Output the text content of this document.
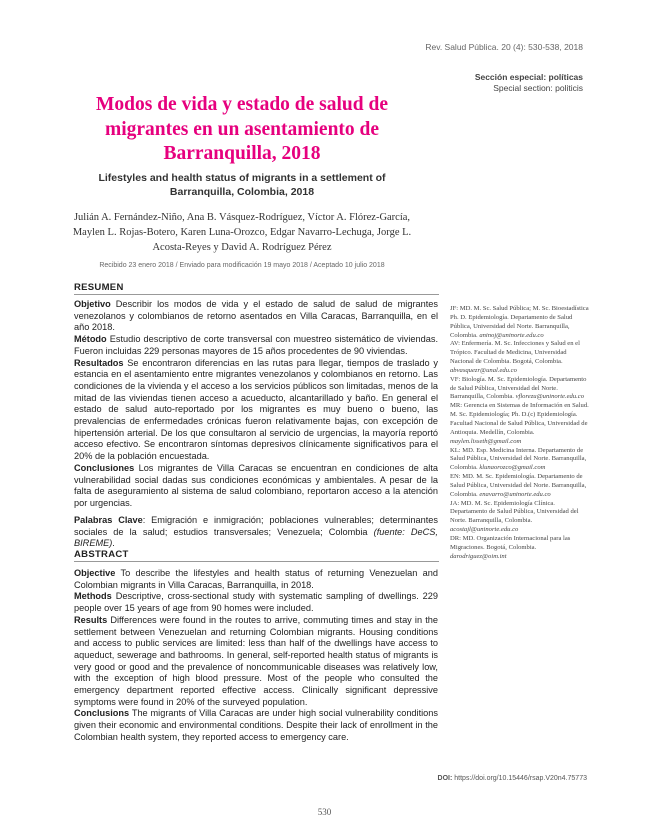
Rev. Salud Pública. 20 (4): 530-538, 2018
Sección especial: políticas
Special section: politicis
Modos de vida y estado de salud de migrantes en un asentamiento de Barranquilla, 2018
Lifestyles and health status of migrants in a settlement of Barranquilla, Colombia, 2018
Julián A. Fernández-Niño, Ana B. Vásquez-Rodríguez, Víctor A. Flórez-García, Maylen L. Rojas-Botero, Karen Luna-Orozco, Edgar Navarro-Lechuga, Jorge L. Acosta-Reyes y David A. Rodríguez Pérez
Recibido 23 enero 2018 / Enviado para modificación 19 mayo 2018 / Aceptado 10 julio 2018
RESUMEN

Objetivo Describir los modos de vida y el estado de salud de salud de migrantes venezolanos y colombianos de retorno asentados en Villa Caracas, Barranquilla, en el año 2018.

Método Estudio descriptivo de corte transversal con muestreo sistemático de viviendas. Fueron incluidas 229 personas mayores de 15 años procedentes de 90 viviendas.

Resultados Se encontraron diferencias en las rutas para llegar, tiempos de traslado y estancia en el asentamiento entre migrantes venezolanos y colombianos en retorno. Las condiciones de la vivienda y el acceso a los servicios públicos son limitadas, menos de la mitad de las viviendas tienen acceso a acueducto, alcantarillado y baño. En general el estado de salud auto-reportado por los migrantes es muy bueno o bueno, las prevalencias de enfermedades crónicas fueron relativamente bajas, con excepción de hipertensión arterial. De los que consultaron al servicio de urgencias, la mayoría reportó acceso efectivo. Se encontraron síntomas depresivos clínicamente significativos para el 20% de la población encuestada.

Conclusiones Los migrantes de Villa Caracas se encuentran en condiciones de alta vulnerabilidad social dadas sus condiciones económicas y ambientales. A pesar de la falta de aseguramiento al sistema de salud colombiano, reportaron acceso a la atención por urgencias.

Palabras Clave: Emigración e inmigración; poblaciones vulnerables; determinantes sociales de la salud; estudios transversales; Venezuela; Colombia (fuente: DeCS, BIREME).

ABSTRACT

Objective To describe the lifestyles and health status of returning Venezuelan and Colombian migrants in Villa Caracas, Barranquilla, in 2018.

Methods Descriptive, cross-sectional study with systematic sampling of dwellings. 229 people over 15 years of age from 90 homes were included.

Results Differences were found in the routes to arrive, commuting times and stay in the settlement between Venezuelan and returning Colombian migrants. Housing conditions and access to public services are limited: less than half of the dwellings have access to aqueduct, sewerage and bathrooms. In general, self-reported health status of migrants is very good or good and the prevalence of noncommunicable diseases was relatively low, with the exception of high blood pressure. Most of the people who consulted the emergency department reported effective access. Clinically significant depressive symptoms were found in 20% of the surveyed population.

Conclusions The migrants of Villa Caracas are under high social vulnerability conditions given their economic and environmental conditions. Despite their lack of enrollment in the Colombian health system, they reported access to emergency care.

JF: MD. M. Sc. Salud Pública; M. Sc. Bioestadística Ph. D. Epidemiología. Departamento de Salud Pública, Universidad del Norte. Barranquilla, Colombia. aninoj@uninorte.edu.co

AV: Enfermería. M. Sc. Infecciones y Salud en el Trópico. Facultad de Medicina, Universidad Nacional de Colombia. Bogotá, Colombia. abvasquezr@unal.edu.co

VF: Biología. M. Sc. Epidemiología. Departamento de Salud Pública, Universidad del Norte. Barranquilla, Colombia. vflorezu@uninorte.edu.co

MR: Gerencia en Sistemas de Información en Salud. M. Sc. Epidemiología; Ph. D.(c) Epidemiología. Facultad Nacional de Salud Pública, Universidad de Antioquia. Medellín, Colombia. maylen.lisseth@gmail.com

KL: MD. Esp. Medicina Interna. Departamento de Salud Pública, Universidad del Norte. Barranquilla, Colombia. klunaorozco@gmail.com

EN: MD. M. Sc. Epidemiología. Departamento de Salud Pública, Universidad del Norte. Barranquilla, Colombia. enavarro@uninorte.edu.co

JA: MD. M. Sc. Epidemiología Clínica. Departamento de Salud Pública, Universidad del Norte. Barranquilla, Colombia. acostajl@uninorte.edu.co

DR: MD. Organización Internacional para las Migraciones. Bogotá, Colombia. darodriguez@oim.int

DOI: https://doi.org/10.15446/rsap.V20n4.75773
530
